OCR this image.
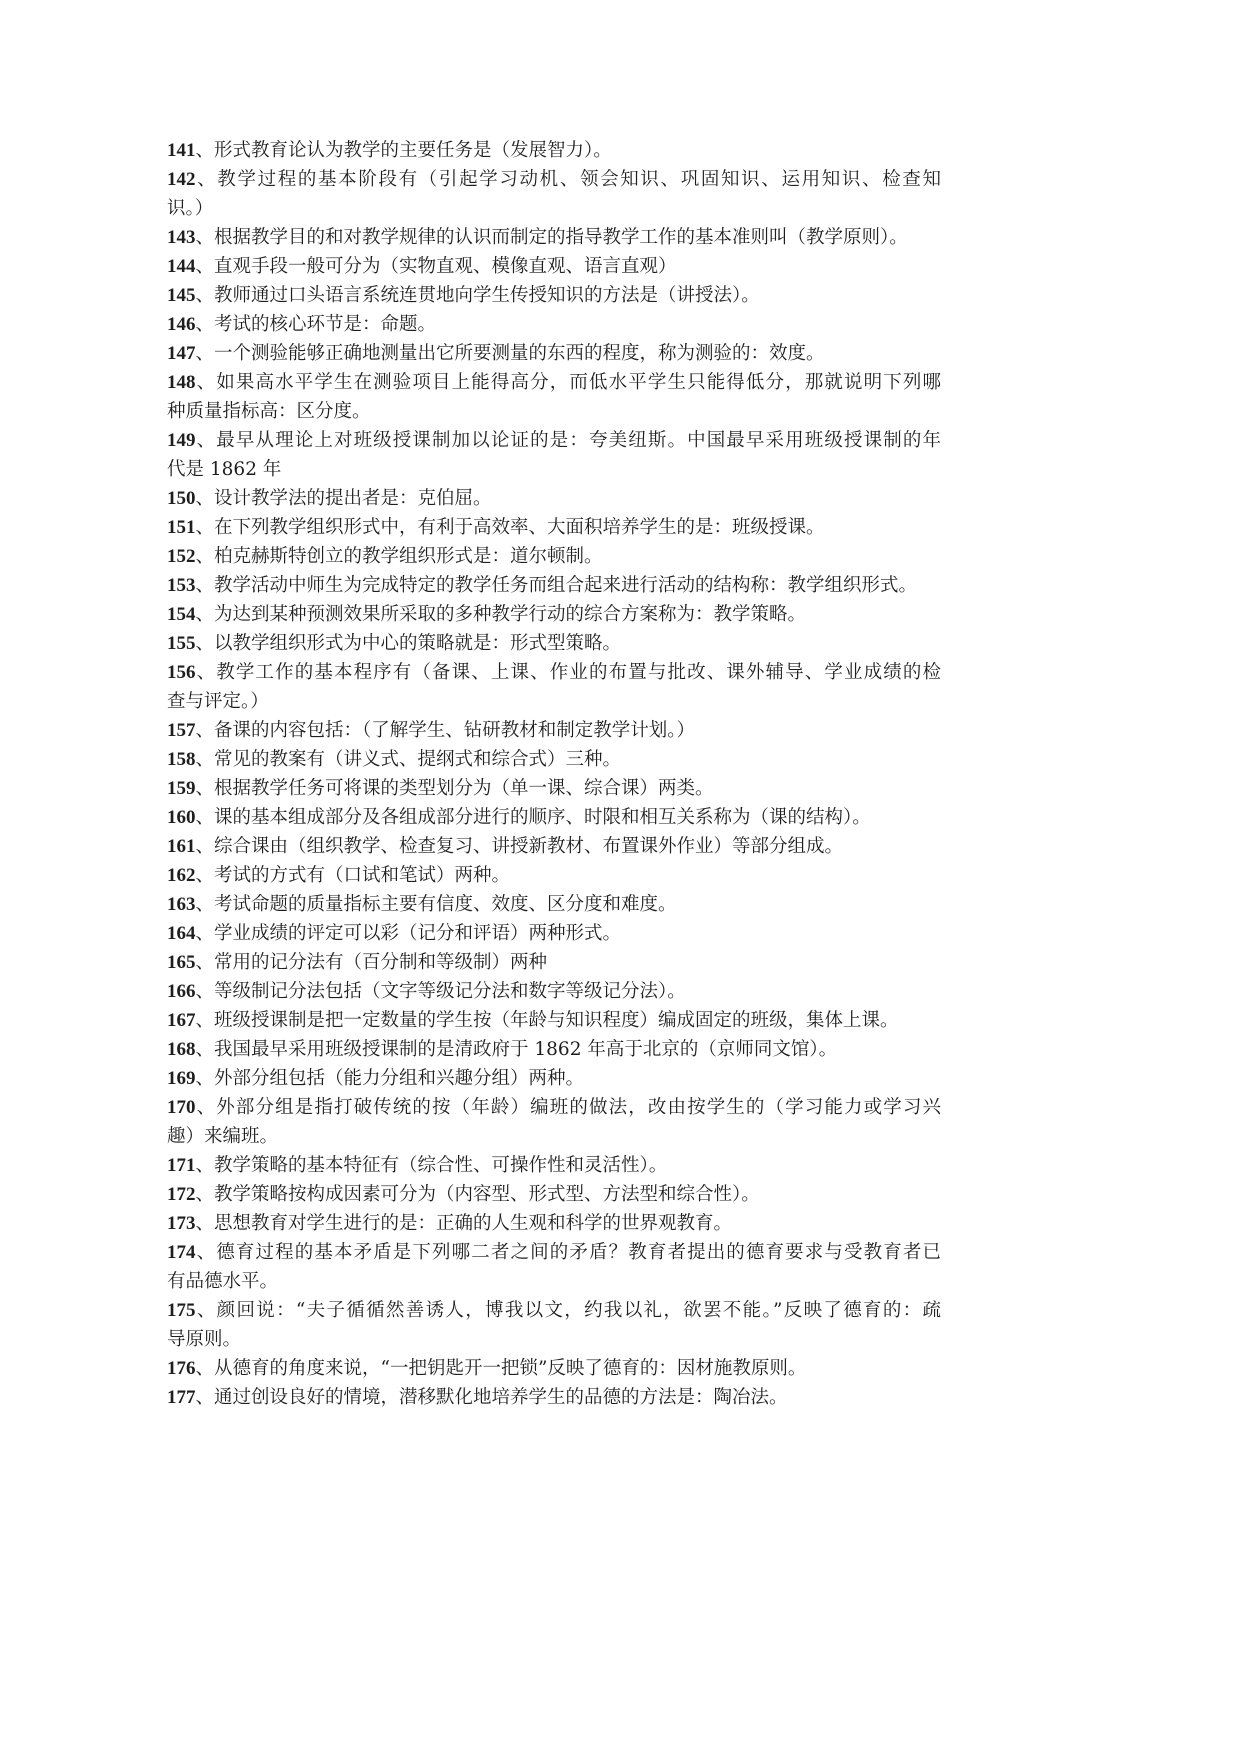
141、形式教育论认为教学的主要任务是（发展智力）。
142、教学过程的基本阶段有（引起学习动机、领会知识、巩固知识、运用知识、检查知
识。）
143、根据教学目的和对教学规律的认识而制定的指导教学工作的基本准则叫（教学原则）。
144、直观手段一般可分为（实物直观、模像直观、语言直观）
145、教师通过口头语言系统连贯地向学生传授知识的方法是（讲授法）。
146、考试的核心环节是：命题。
147、一个测验能够正确地测量出它所要测量的东西的程度，称为测验的：效度。
148、如果高水平学生在测验项目上能得高分，而低水平学生只能得低分，那就说明下列哪
种质量指标高：区分度。
149、最早从理论上对班级授课制加以论证的是：夸美纽斯。中国最早采用班级授课制的年
代是 1862 年
150、设计教学法的提出者是：克伯屈。
151、在下列教学组织形式中，有利于高效率、大面积培养学生的是：班级授课。
152、柏克赫斯特创立的教学组织形式是：道尔顿制。
153、教学活动中师生为完成特定的教学任务而组合起来进行活动的结构称：教学组织形式。
154、为达到某种预测效果所采取的多种教学行动的综合方案称为：教学策略。
155、以教学组织形式为中心的策略就是：形式型策略。
156、教学工作的基本程序有（备课、上课、作业的布置与批改、课外辅导、学业成绩的检
查与评定。）
157、备课的内容包括：（了解学生、钻研教材和制定教学计划。）
158、常见的教案有（讲义式、提纲式和综合式）三种。
159、根据教学任务可将课的类型划分为（单一课、综合课）两类。
160、课的基本组成部分及各组成部分进行的顺序、时限和相互关系称为（课的结构）。
161、综合课由（组织教学、检查复习、讲授新教材、布置课外作业）等部分组成。
162、考试的方式有（口试和笔试）两种。
163、考试命题的质量指标主要有信度、效度、区分度和难度。
164、学业成绩的评定可以彩（记分和评语）两种形式。
165、常用的记分法有（百分制和等级制）两种
166、等级制记分法包括（文字等级记分法和数字等级记分法）。
167、班级授课制是把一定数量的学生按（年龄与知识程度）编成固定的班级，集体上课。
168、我国最早采用班级授课制的是清政府于 1862 年高于北京的（京师同文馆）。
169、外部分组包括（能力分组和兴趣分组）两种。
170、外部分组是指打破传统的按（年龄）编班的做法，改由按学生的（学习能力或学习兴
趣）来编班。
171、教学策略的基本特征有（综合性、可操作性和灵活性）。
172、教学策略按构成因素可分为（内容型、形式型、方法型和综合性）。
173、思想教育对学生进行的是：正确的人生观和科学的世界观教育。
174、德育过程的基本矛盾是下列哪二者之间的矛盾？教育者提出的德育要求与受教育者已
有品德水平。
175、颜回说：“夫子循循然善诱人，博我以文，约我以礼，欲罢不能。”反映了德育的：疏
导原则。
176、从德育的角度来说，“一把钥匙开一把锁”反映了德育的：因材施教原则。
177、通过创设良好的情境，潜移默化地培养学生的品德的方法是：陶冶法。
